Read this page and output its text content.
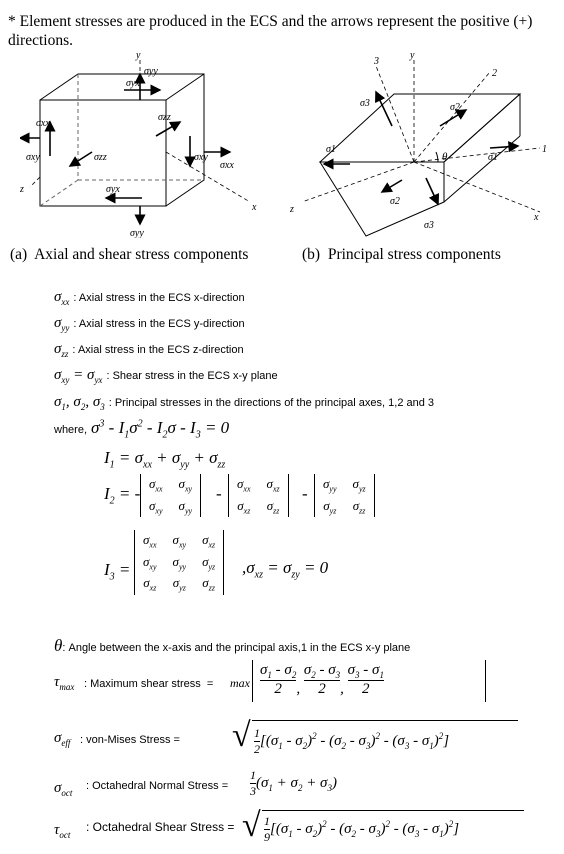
* Element stresses are produced in the ECS and the arrows represent the positive (+) directions.
y
x
z
σyy
σyx
σzz
σxx
σxy	σzz	σxy
σxx
σyx
σyy
y
3
2
1
x
z
σ3	σ2
σ1
σ1
σ2
σ3
θ
(a)  Axial and shear stress components	(b)  Principal stress components
$\sigma_{xx}$ : Axial stress in the ECS x-direction
$\sigma_{yy}$ : Axial stress in the ECS y-direction
$\sigma_{zz}$ : Axial stress in the ECS z-direction
$\sigma_{xy} = \sigma_{yx}$ : Shear stress in the ECS x-y plane
$\sigma_1$, $\sigma_2$, $\sigma_3$ : Principal stresses in the directions of the principal axes, 1,2 and 3
where, $\sigma^3 - I_1\sigma^2 - I_2\sigma - I_3 = 0$
$I_1 = \sigma_{xx} + \sigma_{yy} + \sigma_{zz}$
$I_2$ = -
$\sigma_{xx}$	$\sigma_{xy}$
$\sigma_{xy}$	$\sigma_{yy}$
-
$\sigma_{xx}$	$\sigma_{xz}$
$\sigma_{xz}$	$\sigma_{zz}$
-
$\sigma_{yy}$	$\sigma_{yz}$
$\sigma_{yz}$	$\sigma_{zz}$
$I_3$ =
$\sigma_{xx}$	$\sigma_{xy}$	$\sigma_{xz}$
$\sigma_{xy}$	$\sigma_{yy}$	$\sigma_{yz}$
$\sigma_{xz}$	$\sigma_{yz}$	$\sigma_{zz}$
$,\sigma_{xz} = \sigma_{zy} = 0$
θ: Angle between the x-axis and the principal axis,1 in the ECS x-y plane
$\tau_{max}$ : Maximum shear stress  = $\max \frac{\sigma_1 - \sigma_2}{2}$ , $\frac{\sigma_2 - \sigma_3}{2}$ , $\frac{\sigma_3 - \sigma_1}{2}$
$\sigma_{eff}$ : von-Mises Stress = √ $\frac{1}{2} [(\sigma_1 - \sigma_2)^2 - (\sigma_2 - \sigma_3)^2 - (\sigma_3 - \sigma_1)^2]$
$\sigma_{oct}$
: Octahedral Normal Stress = $\frac{1}{3} (\sigma_1 + \sigma_2 + \sigma_3)$
$\tau_{oct}$
: Octahedral Shear Stress = √ $\frac{1}{9} [(\sigma_1 - \sigma_2)^2 - (\sigma_2 - \sigma_3)^2 - (\sigma_3 - \sigma_1)^2]$
